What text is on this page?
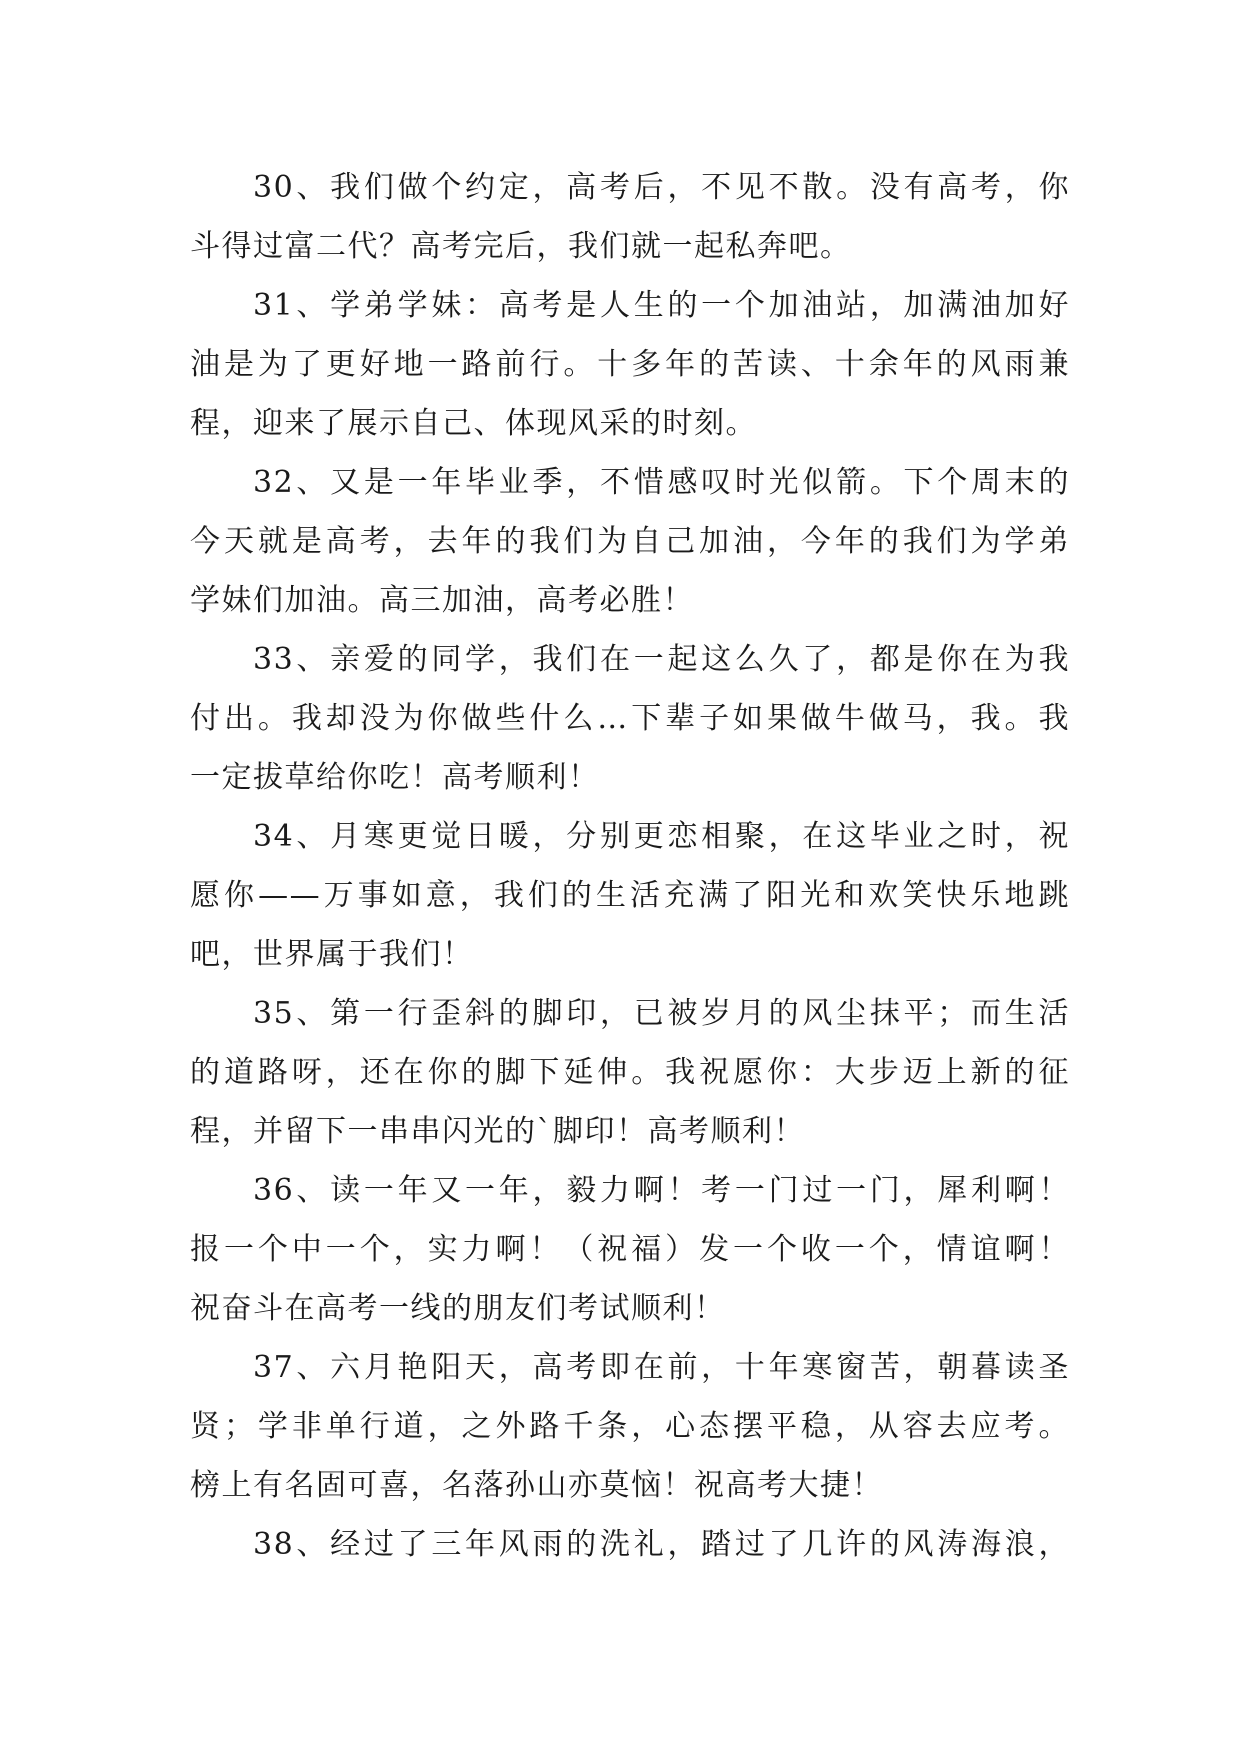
30、我们做个约定，高考后，不见不散。没有高考，你
斗得过富二代？高考完后，我们就一起私奔吧。

31、学弟学妹：高考是人生的一个加油站，加满油加好
油是为了更好地一路前行。十多年的苦读、十余年的风雨兼
程，迎来了展示自己、体现风采的时刻。

32、又是一年毕业季，不惜感叹时光似箭。下个周末的
今天就是高考，去年的我们为自己加油，今年的我们为学弟
学妹们加油。高三加油，高考必胜！

33、亲爱的同学，我们在一起这么久了，都是你在为我
付出。我却没为你做些什么…下辈子如果做牛做马，我。我
一定拔草给你吃！高考顺利！

34、月寒更觉日暖，分别更恋相聚，在这毕业之时，祝
愿你——万事如意，我们的生活充满了阳光和欢笑快乐地跳
吧，世界属于我们！

35、第一行歪斜的脚印，已被岁月的风尘抹平；而生活
的道路呀，还在你的脚下延伸。我祝愿你：大步迈上新的征
程，并留下一串串闪光的`脚印！高考顺利！

36、读一年又一年，毅力啊！考一门过一门，犀利啊！
报一个中一个，实力啊！（祝福）发一个收一个，情谊啊！
祝奋斗在高考一线的朋友们考试顺利！

37、六月艳阳天，高考即在前，十年寒窗苦，朝暮读圣
贤；学非单行道，之外路千条，心态摆平稳，从容去应考。
榜上有名固可喜，名落孙山亦莫恼！祝高考大捷！

38、经过了三年风雨的洗礼，踏过了几许的风涛海浪，
